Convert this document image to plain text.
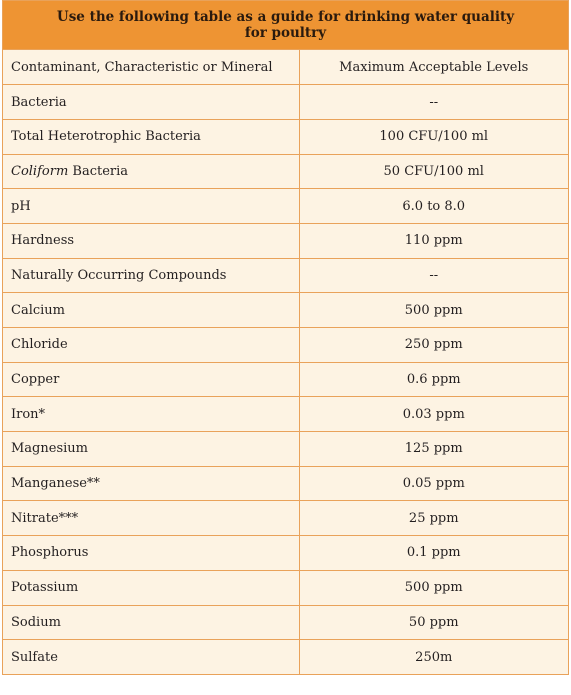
Use the following table as a guide for drinking water quality
for poultry
Contaminant, Characteristic or Mineral	Maximum Acceptable Levels
Bacteria	--
Total Heterotrophic Bacteria	100 CFU/100 ml
Coliform Bacteria	50 CFU/100 ml
pH	6.0 to 8.0
Hardness	110 ppm
Naturally Occurring Compounds	--
Calcium	500 ppm
Chloride	250 ppm
Copper	0.6 ppm
Iron*	0.03 ppm
Magnesium	125 ppm
Manganese**	0.05 ppm
Nitrate***	25 ppm
Phosphorus	0.1 ppm
Potassium	500 ppm
Sodium	50 ppm
Sulfate	250m
